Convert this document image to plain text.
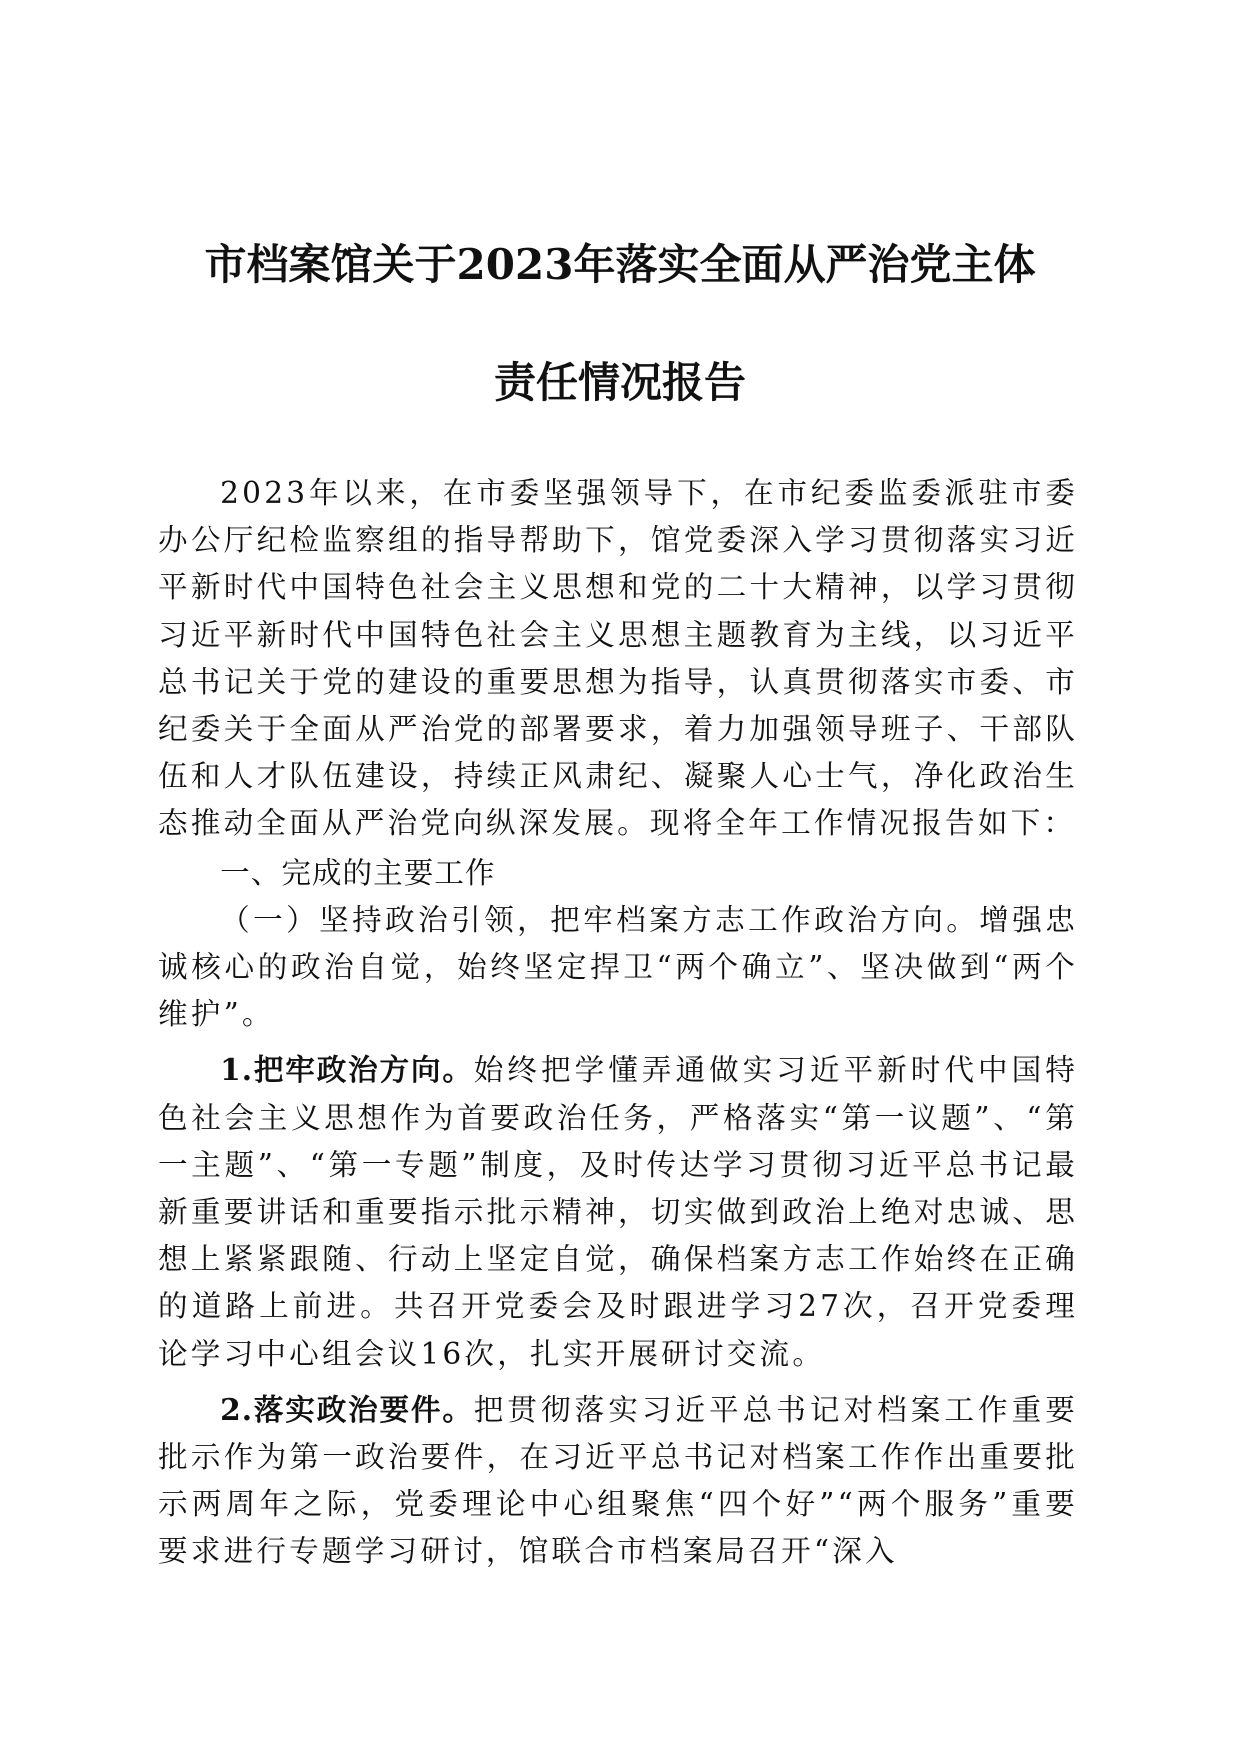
市档案馆关于2023年落实全面从严治党主体
责任情况报告

2023年以来，在市委坚强领导下，在市纪委监委派驻市委办公厅纪检监察组的指导帮助下，馆党委深入学习贯彻落实习近平新时代中国特色社会主义思想和党的二十大精神，以学习贯彻习近平新时代中国特色社会主义思想主题教育为主线，以习近平总书记关于党的建设的重要思想为指导，认真贯彻落实市委、市纪委关于全面从严治党的部署要求，着力加强领导班子、干部队伍和人才队伍建设，持续正风肃纪、凝聚人心士气，净化政治生态推动全面从严治党向纵深发展。现将全年工作情况报告如下：

一、完成的主要工作

（一）坚持政治引领，把牢档案方志工作政治方向。增强忠诚核心的政治自觉，始终坚定捍卫“两个确立”、坚决做到“两个维护”。

1.把牢政治方向。始终把学懂弄通做实习近平新时代中国特色社会主义思想作为首要政治任务，严格落实“第一议题”、“第一主题”、“第一专题”制度，及时传达学习贯彻习近平总书记最新重要讲话和重要指示批示精神，切实做到政治上绝对忠诚、思想上紧紧跟随、行动上坚定自觉，确保档案方志工作始终在正确的道路上前进。共召开党委会及时跟进学习27次，召开党委理论学习中心组会议16次，扎实开展研讨交流。

2.落实政治要件。把贯彻落实习近平总书记对档案工作重要批示作为第一政治要件，在习近平总书记对档案工作作出重要批示两周年之际，党委理论中心组聚焦“四个好”“两个服务”重要要求进行专题学习研讨，馆联合市档案局召开“深入
